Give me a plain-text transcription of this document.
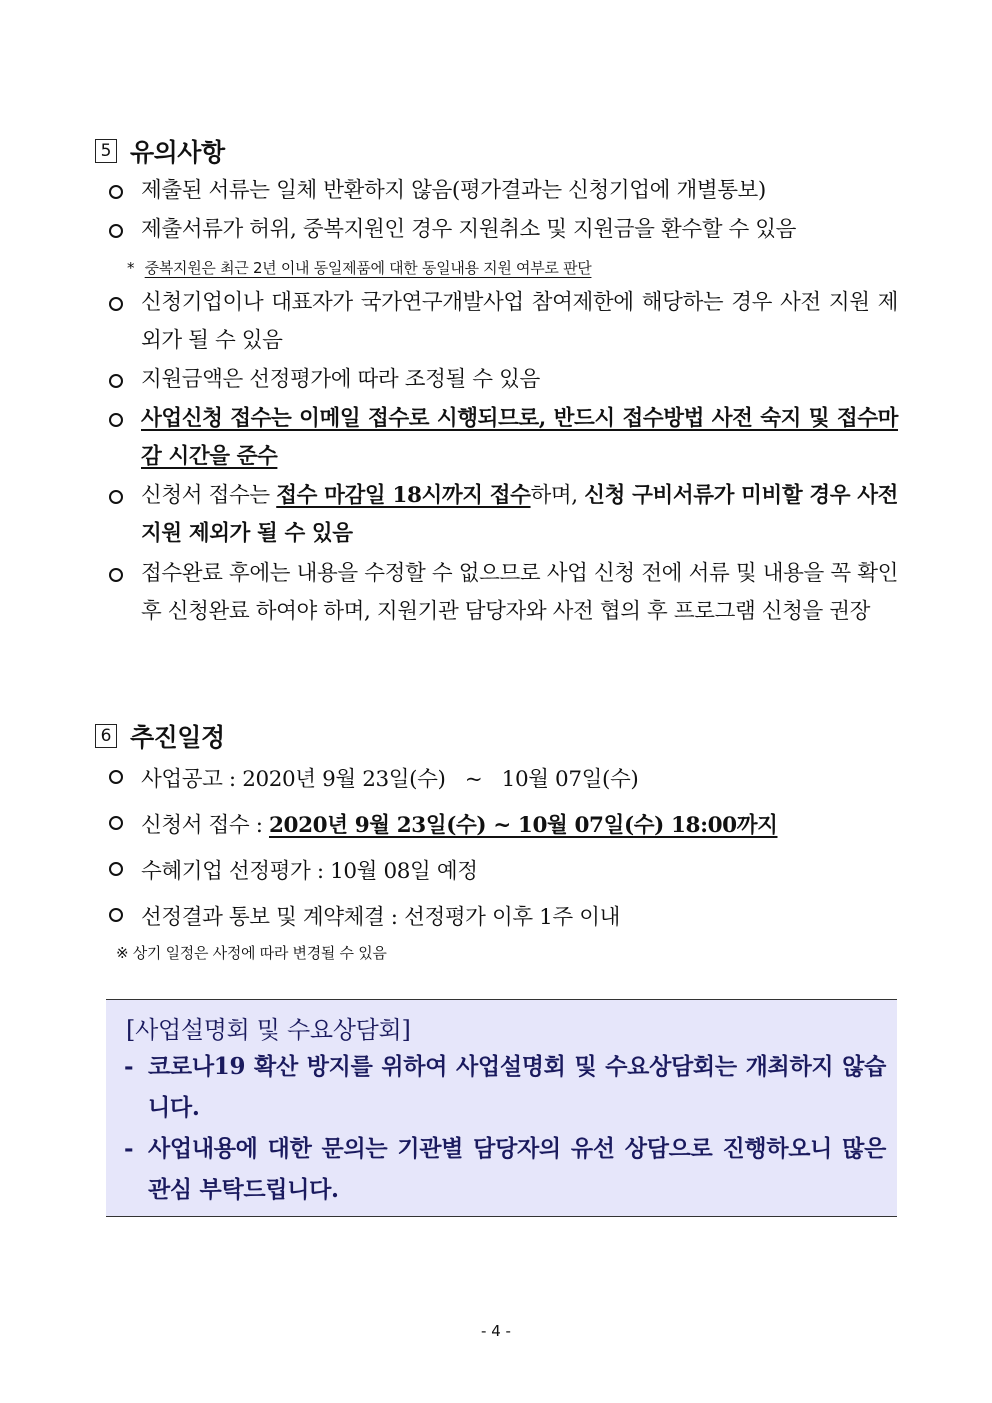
5 유의사항
제출된 서류는 일체 반환하지 않음(평가결과는 신청기업에 개별통보)
제출서류가 허위, 중복지원인 경우 지원취소 및 지원금을 환수할 수 있음
* 중복지원은 최근 2년 이내 동일제품에 대한 동일내용 지원 여부로 판단
신청기업이나 대표자가 국가연구개발사업 참여제한에 해당하는 경우 사전 지원 제외가 될 수 있음
지원금액은 선정평가에 따라 조정될 수 있음
사업신청 접수는 이메일 접수로 시행되므로, 반드시 접수방법 사전 숙지 및 접수마감 시간을 준수
신청서 접수는 접수 마감일 18시까지 접수하며, 신청 구비서류가 미비할 경우 사전 지원 제외가 될 수 있음
접수완료 후에는 내용을 수정할 수 없으므로 사업 신청 전에 서류 및 내용을 꼭 확인 후 신청완료 하여야 하며, 지원기관 담당자와 사전 협의 후 프로그램 신청을 권장
6 추진일정
사업공고 : 2020년 9월 23일(수)   ~   10월 07일(수)
신청서 접수 : 2020년 9월 23일(수) ~ 10월 07일(수) 18:00까지
수혜기업 선정평가 : 10월 08일 예정
선정결과 통보 및 계약체결 : 선정평가 이후 1주 이내
※ 상기 일정은 사정에 따라 변경될 수 있음
[사업설명회 및 수요상담회]
- 코로나19 확산 방지를 위하여 사업설명회 및 수요상담회는 개최하지 않습니다.
- 사업내용에 대한 문의는 기관별 담당자의 유선 상담으로 진행하오니 많은 관심 부탁드립니다.
- 4 -
